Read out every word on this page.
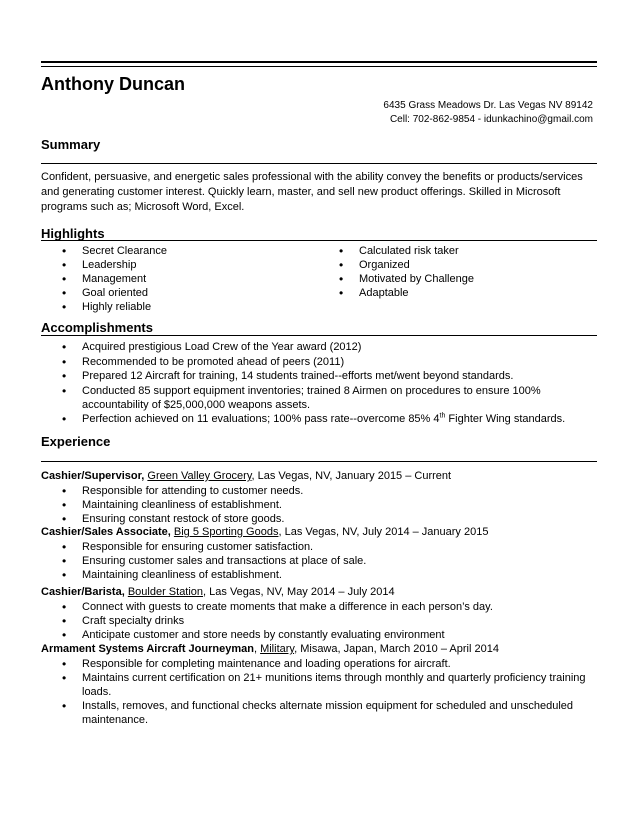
Anthony Duncan
6435 Grass Meadows Dr. Las Vegas NV 89142
Cell: 702-862-9854 - idunkachino@gmail.com
Summary
Confident, persuasive, and energetic sales professional with the ability convey the benefits or products/services
and generating customer interest. Quickly learn, master, and sell new product offerings. Skilled in Microsoft
programs such as; Microsoft Word, Excel.
Highlights
• Secret Clearance
• Leadership
• Management
• Goal oriented
• Highly reliable
• Calculated risk taker
• Organized
• Motivated by Challenge
• Adaptable
Accomplishments
• Acquired prestigious Load Crew of the Year award (2012)
• Recommended to be promoted ahead of peers (2011)
• Prepared 12 Aircraft for training, 14 students trained--efforts met/went beyond standards.
• Conducted 85 support equipment inventories; trained 8 Airmen on procedures to ensure 100%
accountability of $25,000,000 weapons assets.
• Perfection achieved on 11 evaluations; 100% pass rate--overcome 85% 4th Fighter Wing standards.
Experience
Cashier/Supervisor, Green Valley Grocery, Las Vegas, NV, January 2015 – Current
• Responsible for attending to customer needs.
• Maintaining cleanliness of establishment.
• Ensuring constant restock of store goods.
Cashier/Sales Associate, Big 5 Sporting Goods, Las Vegas, NV, July 2014 – January 2015
• Responsible for ensuring customer satisfaction.
• Ensuring customer sales and transactions at place of sale.
• Maintaining cleanliness of establishment.
Cashier/Barista, Boulder Station, Las Vegas, NV, May 2014 – July 2014
• Connect with guests to create moments that make a difference in each person’s day.
• Craft specialty drinks
• Anticipate customer and store needs by constantly evaluating environment
Armament Systems Aircraft Journeyman, Military, Misawa, Japan, March 2010 – April 2014
• Responsible for completing maintenance and loading operations for aircraft.
• Maintains current certification on 21+ munitions items through monthly and quarterly proficiency training
loads.
• Installs, removes, and functional checks alternate mission equipment for scheduled and unscheduled
maintenance.
